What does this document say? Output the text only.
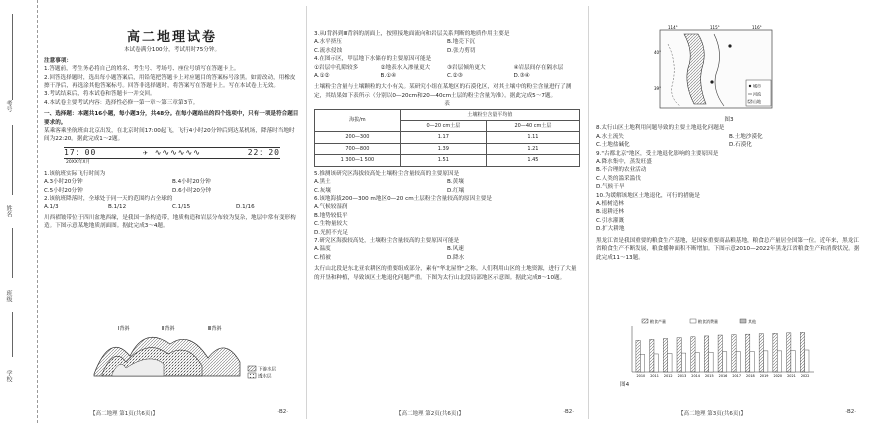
考号
姓名
班级
学校

高二地理试卷

本试卷满分100分，考试用时75分钟。

注意事项：

1.答题前，考生务必将自己的姓名、考生号、考场号、座位号填写在答题卡上。

2.回答选择题时，选出每小题答案后，用铅笔把答题卡上对应题目的答案标号涂黑。如需改动，用橡皮擦干净后，再选涂其他答案标号。回答非选择题时，将答案写在答题卡上。写在本试卷上无效。

3.考试结束后，将本试卷和答题卡一并交回。

4.本试卷主要考试内容：选择性必修一第一章～第三章第3节。

一、选择题：本题共16小题，每小题3分，共48分。在每小题给出的四个选项中，只有一项是符合题目要求的。

某乘客乘坐航班由北京出发，在北京时间17:00起飞，飞行4小时20分钟后到达某机场，降落时当地时间为22:20。据此完成1～2题。

17：00	✈ ∿∿∿∿∿∿	22：20

20XX年X月

1.该航班实际飞行时间为

A.3小时20分钟	B.4小时20分钟
C.5小时20分钟	D.6小时20分钟

2.该航班降落时，全球处于同一天的范围约占全球的

A.1/3	B.1/12	C.1/15	D.1/16

川西褶皱带位于四川盆地西缘，是我国一条构造带，地质构造和岩层分布较为复杂，地层中常有变形构造。下图示意某地地质剖面图。据此完成3～4题。

Ⅰ背斜	Ⅱ背斜	Ⅲ背斜
下渗水层
透水层
【高二地理 第1页(共6页)】	·B2·

3.从Ⅰ背斜到Ⅲ背斜的剖面上，按照接地面流向和岩层关系判断的地质作用主要是

A.水平挤压	B.地壳下沉
C.流水侵蚀	D.张力剪切

4.在图示区，甲层地下水储存的主要原因可能是

①岩层中孔隙较多	②地表水入渗量更大	③岩层倾角更大	④岩层间存在隔水层
A.①②	B.①④	C.②③	D.③④

土壤粉尘含量与土壤颗粒的大小有关。某研究小组在某地区的石漠化区，对其土壤中的粉尘含量进行了测定，其结果如下表所示（分别以0—20cm和20—40cm土层的粉尘含量为准）。据此完成5～7题。

表

海拔/m	土壤粉尘含量平均值	
	0—20 cm土层	20—40 cm土层
200—300	1.17	1.11
700—800	1.39	1.21
1 300—1 500	1.51	1.45

5.推测该研究区海拔较高处土壤粉尘含量较高的主要原因是

A.黑土	B.黄壤
C.灰壤	D.红壤

6.该地海拔200—300 m地区0—20 cm土层粉尘含量较高的原因主要是

A.气候较湿润

B.地势较低平

C.生物量较大

D.光照不充足

7.研究区海拔较高处，土壤粉尘含量较高的主要原因可能是

A.温度	B.风速
C.植被	D.降水

太行山北段是东北亚农耕区的重要组成部分，素有"华北屋脊"之称。人们利用山区的土地资源，进行了大量的开垦和种植，导致该区土地退化问题严重。下图为太行山北段局部地区示意图。据此完成8～10题。

【高二地理 第2页(共6页)】	·B2·
114°	115°	116°
40°
39°	城市
河流
山地

图3

8.太行山区土地利用问题导致的主要土地退化问题是

A.水土流失	B.土地沙漠化
C.土地盐碱化	D.石漠化

9."古都北京"地区，受土地退化影响的主要原因是

A.降水集中，蒸发旺盛

B.不合理的农业活动

C.人类的滥采滥伐

D.气候干旱

10.为缓解该地区土地退化，可行的措施是

A.植树造林

B.退耕还林

C.引水灌溉

D.扩大耕地

黑龙江省是我国重要的粮食生产基地，是国家重要商品粮基地，粮食总产量居全国第一位。近年来，黑龙江省粮食生产不断发展，粮食播种面积不断增加。下图示意2010—2022年黑龙江省粮食生产和消费状况。据此完成11～13题。

粮食产量	粮食消费量	其他
2010 2011 2012 2013 2014 2015 2016 2017 2018 2019 2020 2021 2022

图4

【高二地理 第3页(共6页)】	·B2·
